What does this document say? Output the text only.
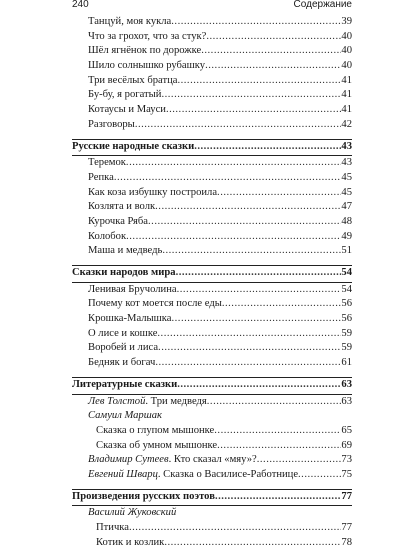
240	Содержание
Танцуй, моя кукла .....	39
Что за грохот, что за стук? .....	40
Шёл ягнёнок по дорожке .....	40
Шило солнышко рубашку .....	40
Три весёлых братца .....	41
Бу-бу, я рогатый .....	41
Котаусы и Мауси .....	41
Разговоры .....	42
Русские народные сказки .....	43
Теремок .....	43
Репка .....	45
Как коза избушку построила .....	45
Козлята и волк .....	47
Курочка Ряба .....	48
Колобок .....	49
Маша и медведь .....	51
Сказки народов мира .....	54
Ленивая Бручолина .....	54
Почему кот моется после еды .....	56
Крошка-Малышка .....	56
О лисе и кошке .....	59
Воробей и лиса .....	59
Бедняк и богач .....	61
Литературные сказки .....	63
Лев Толстой. Три медведя .....	63
Самуил Маршак
Сказка о глупом мышонке .....	65
Сказка об умном мышонке .....	69
Владимир Сутеев. Кто сказал «мяу»? .....	73
Евгений Шварц. Сказка о Василисе-Работнице .....	75
Произведения русских поэтов .....	77
Василий Жуковский
Птичка .....	77
Котик и козлик .....	78
